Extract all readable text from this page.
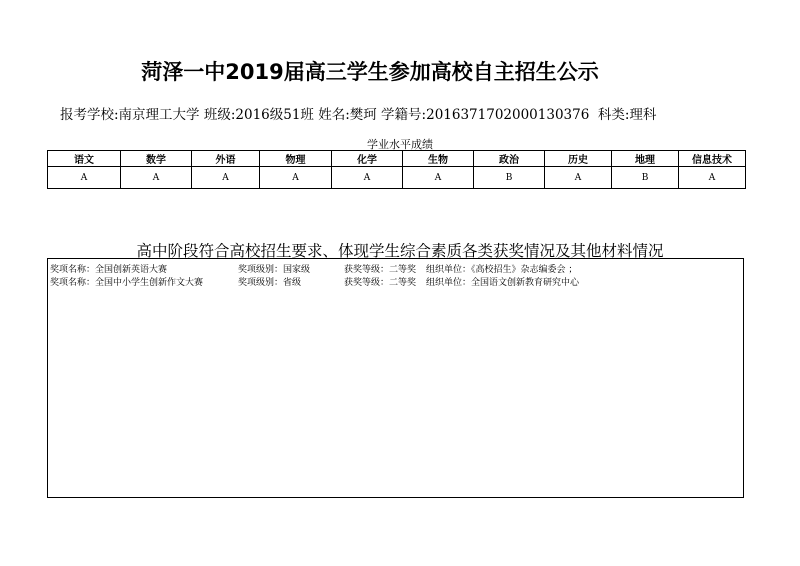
菏泽一中2019届高三学生参加高校自主招生公示
报考学校:南京理工大学 班级:2016级51班 姓名:樊珂 学籍号:2016371702000130376  科类:理科
学业水平成绩
语文	数学	外语	物理	化学	生物	政治	历史	地理	信息技术
A	A	A	A	A	A	B	A	B	A
高中阶段符合高校招生要求、体现学生综合素质各类获奖情况及其他材料情况
奖项名称：全国创新英语大赛	奖项级别：国家级	获奖等级：二等奖 组织单位：《高校招生》杂志编委会 ；
奖项名称：全国中小学生创新作文大赛	奖项级别：省级	获奖等级：二等奖 组织单位：全国语文创新教育研究中心
